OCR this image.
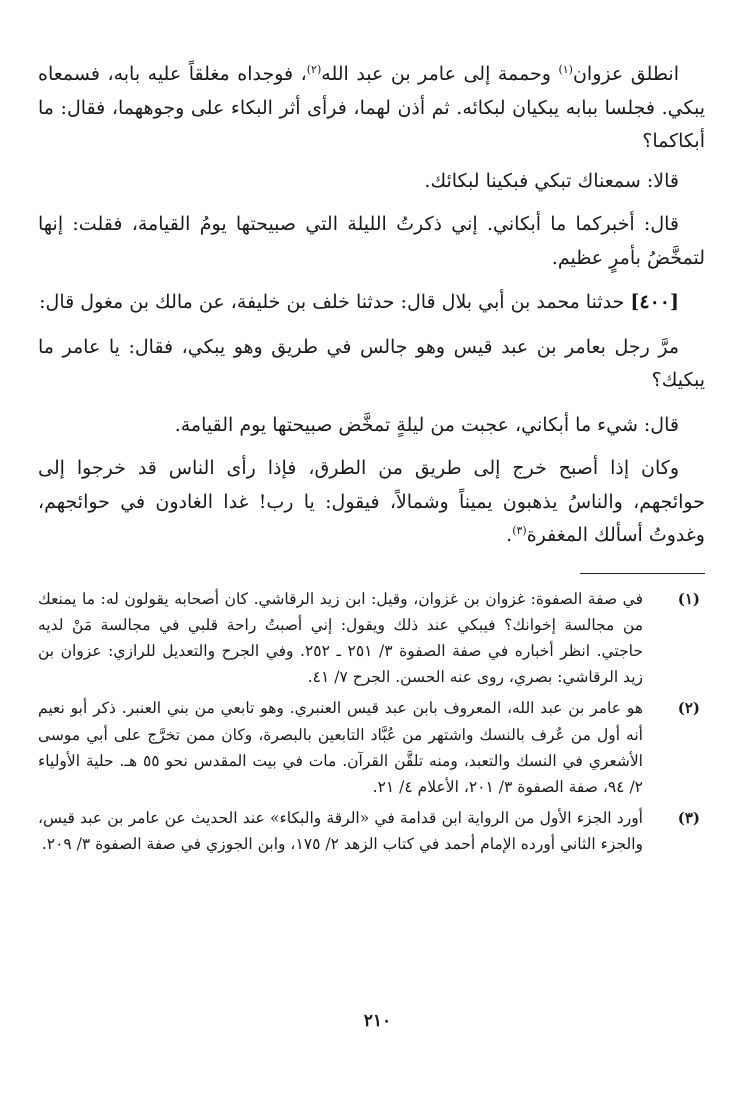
انطلق عزوان$^{(١)}$ وحممة إلى عامر بن عبد الله$^{(٢)}$، فوجداه مغلقاً عليه بابه، فسمعاه يبكي. فجلسا ببابه يبكيان لبكائه. ثم أذن لهما، فرأى أثر البكاء على وجوههما، فقال: ما أبكاكما؟

قالا: سمعناك تبكي فبكينا لبكائك.

قال: أخبركما ما أبكاني. إني ذكرتُ الليلة التي صبيحتها يومُ القيامة، فقلت: إنها لتمخَّضُ بأمرٍ عظيم.

[٤٠٠] حدثنا محمد بن أبي بلال قال: حدثنا خلف بن خليفة، عن مالك بن مغول قال:

مرَّ رجل بعامر بن عبد قيس وهو جالس في طريق وهو يبكي، فقال: يا عامر ما يبكيك؟

قال: شيء ما أبكاني، عجبت من ليلةٍ تمخَّض صبيحتها يوم القيامة.

وكان إذا أصبح خرج إلى طريق من الطرق، فإذا رأى الناس قد خرجوا إلى حوائجهم، والناسُ يذهبون يميناً وشمالاً، فيقول: يا رب! غدا الغادون في حوائجهم، وغدوتُ أسألك المغفرة$^{(٣)}$.

(١)

في صفة الصفوة: غزوان بن غزوان، وقيل: ابن زيد الرقاشي. كان أصحابه يقولون له: ما يمنعك من مجالسة إخوانك؟ فيبكي عند ذلك ويقول: إني أصبتُ راحة قلبي في مجالسة مَنْ لديه حاجتي. انظر أخباره في صفة الصفوة ٣/ ٢٥١ ـ ٢٥٢. وفي الجرح والتعديل للرازي: عزوان بن زيد الرقاشي: بصري، روى عنه الحسن. الجرح ٧/ ٤١.

(٢)

هو عامر بن عبد الله، المعروف بابن عبد قيس العنبري. وهو تابعي من بني العنبر. ذكر أبو نعيم أنه أول من عُرف بالنسك واشتهر من عُبَّاد التابعين بالبصرة، وكان ممن تخرَّج على أبي موسى الأشعري في النسك والتعبد، ومنه تلقَّن القرآن. مات في بيت المقدس نحو ٥٥ هـ. حلية الأولياء ٢/ ٩٤، صفة الصفوة ٣/ ٢٠١، الأعلام ٤/ ٢١.

(٣)

أورد الجزء الأول من الرواية ابن قدامة في «الرقة والبكاء» عند الحديث عن عامر بن عبد قيس، والجزء الثاني أورده الإمام أحمد في كتاب الزهد ٢/ ١٧٥، وابن الجوزي في صفة الصفوة ٣/ ٢٠٩.

٢١٠
